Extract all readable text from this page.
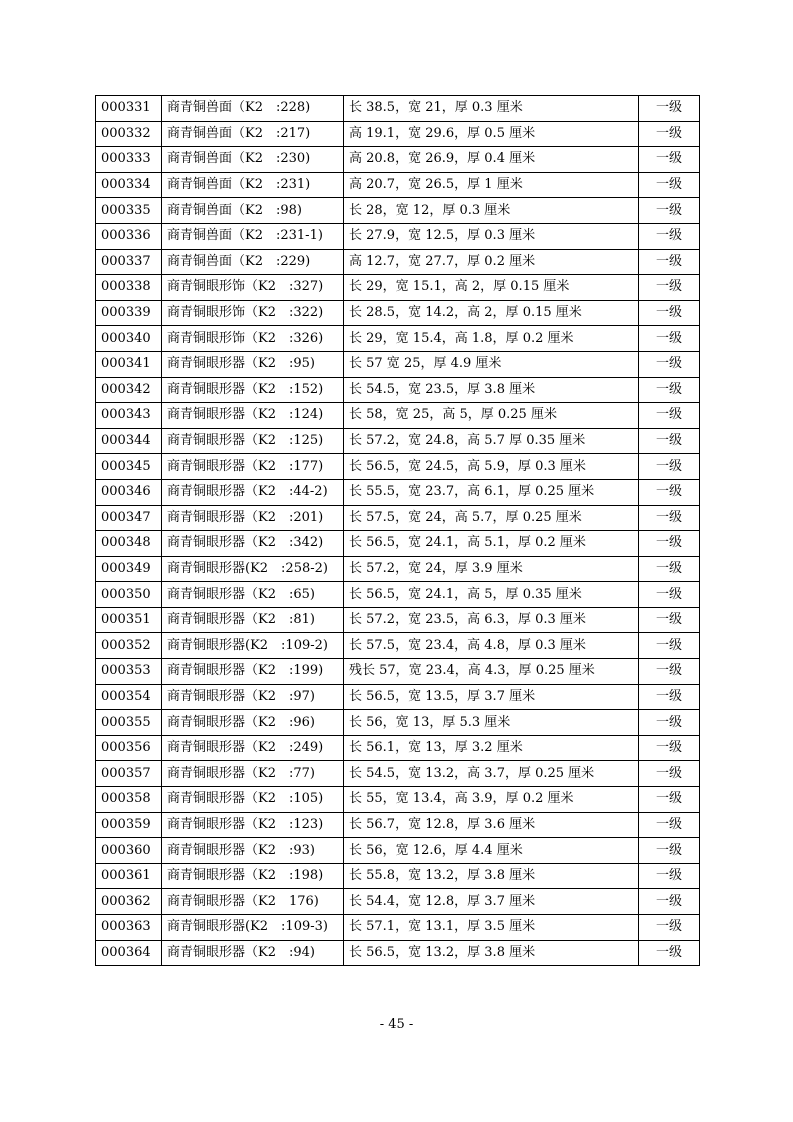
000331	商青铜兽面（K2　:228)	长 38.5，宽 21，厚 0.3 厘米	一级
000332	商青铜兽面（K2　:217)	高 19.1，宽 29.6，厚 0.5 厘米	一级
000333	商青铜兽面（K2　:230)	高 20.8，宽 26.9，厚 0.4 厘米	一级
000334	商青铜兽面（K2　:231)	高 20.7，宽 26.5，厚 1 厘米	一级
000335	商青铜兽面（K2　:98)	长 28，宽 12，厚 0.3 厘米	一级
000336	商青铜兽面（K2　:231-1)	长 27.9，宽 12.5，厚 0.3 厘米	一级
000337	商青铜兽面（K2　:229)	高 12.7，宽 27.7，厚 0.2 厘米	一级
000338	商青铜眼形饰（K2　:327)	长 29，宽 15.1，高 2，厚 0.15 厘米	一级
000339	商青铜眼形饰（K2　:322)	长 28.5，宽 14.2，高 2，厚 0.15 厘米	一级
000340	商青铜眼形饰（K2　:326)	长 29，宽 15.4，高 1.8，厚 0.2 厘米	一级
000341	商青铜眼形器（K2　:95)	长 57 宽 25，厚 4.9 厘米	一级
000342	商青铜眼形器（K2　:152)	长 54.5，宽 23.5，厚 3.8 厘米	一级
000343	商青铜眼形器（K2　:124)	长 58，宽 25，高 5，厚 0.25 厘米	一级
000344	商青铜眼形器（K2　:125)	长 57.2，宽 24.8，高 5.7 厚 0.35 厘米	一级
000345	商青铜眼形器（K2　:177)	长 56.5，宽 24.5，高 5.9，厚 0.3 厘米	一级
000346	商青铜眼形器（K2　:44-2)	长 55.5，宽 23.7，高 6.1，厚 0.25 厘米	一级
000347	商青铜眼形器（K2　:201)	长 57.5，宽 24，高 5.7，厚 0.25 厘米	一级
000348	商青铜眼形器（K2　:342)	长 56.5，宽 24.1，高 5.1，厚 0.2 厘米	一级
000349	商青铜眼形器(K2　:258-2)	长 57.2，宽 24，厚 3.9 厘米	一级
000350	商青铜眼形器（K2　:65)	长 56.5，宽 24.1，高 5，厚 0.35 厘米	一级
000351	商青铜眼形器（K2　:81)	长 57.2，宽 23.5，高 6.3，厚 0.3 厘米	一级
000352	商青铜眼形器(K2　:109-2)	长 57.5，宽 23.4，高 4.8，厚 0.3 厘米	一级
000353	商青铜眼形器（K2　:199)	残长 57，宽 23.4，高 4.3，厚 0.25 厘米	一级
000354	商青铜眼形器（K2　:97)	长 56.5，宽 13.5，厚 3.7 厘米	一级
000355	商青铜眼形器（K2　:96)	长 56，宽 13，厚 5.3 厘米	一级
000356	商青铜眼形器（K2　:249)	长 56.1，宽 13，厚 3.2 厘米	一级
000357	商青铜眼形器（K2　:77)	长 54.5，宽 13.2，高 3.7，厚 0.25 厘米	一级
000358	商青铜眼形器（K2　:105)	长 55，宽 13.4，高 3.9，厚 0.2 厘米	一级
000359	商青铜眼形器（K2　:123)	长 56.7，宽 12.8，厚 3.6 厘米	一级
000360	商青铜眼形器（K2　:93)	长 56，宽 12.6，厚 4.4 厘米	一级
000361	商青铜眼形器（K2　:198)	长 55.8，宽 13.2，厚 3.8 厘米	一级
000362	商青铜眼形器（K2　176)	长 54.4，宽 12.8，厚 3.7 厘米	一级
000363	商青铜眼形器(K2　:109-3)	长 57.1，宽 13.1，厚 3.5 厘米	一级
000364	商青铜眼形器（K2　:94)	长 56.5，宽 13.2，厚 3.8 厘米	一级
- 45 -
